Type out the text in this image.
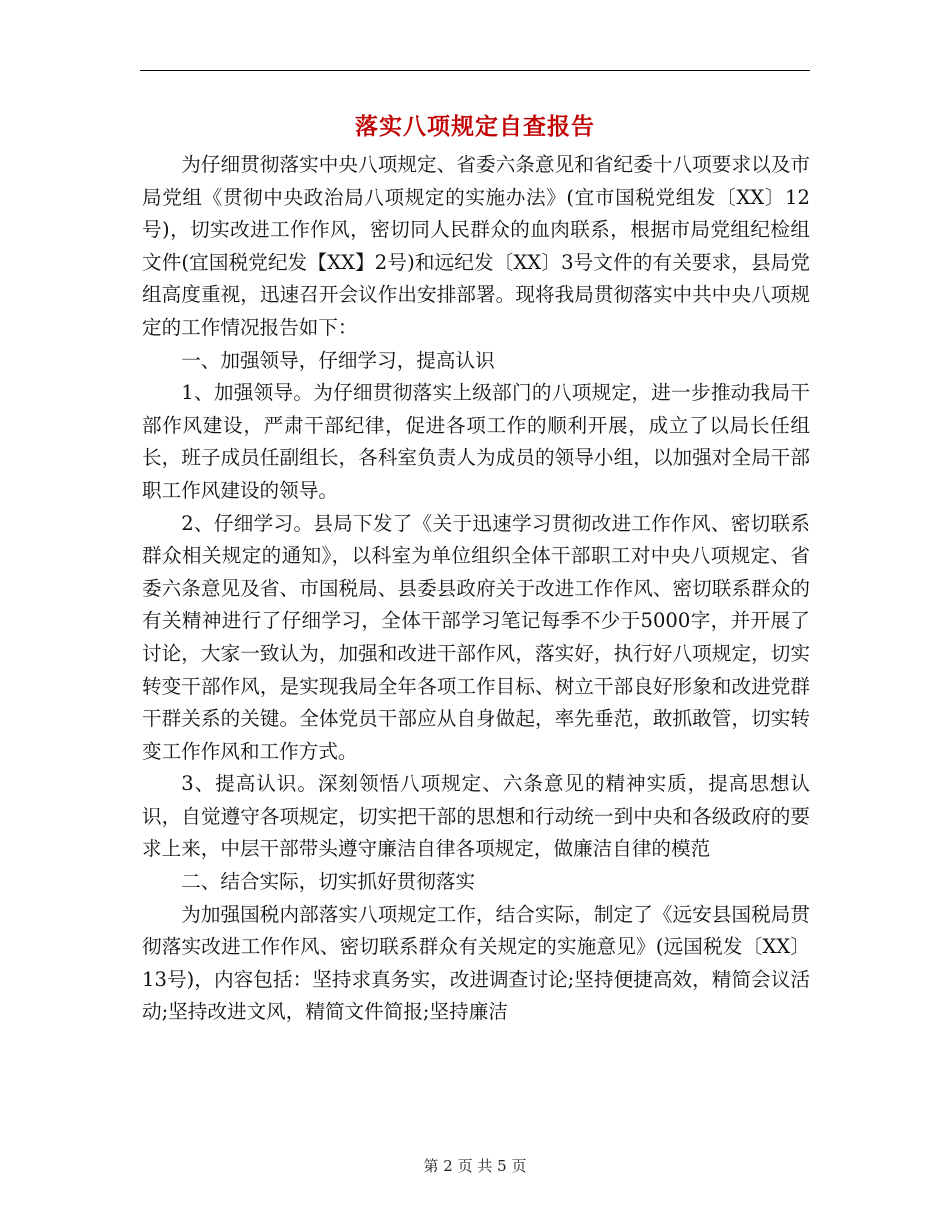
落实八项规定自查报告

为仔细贯彻落实中央八项规定、省委六条意见和省纪委十八项要求以及市局党组《贯彻中央政治局八项规定的实施办法》(宜市国税党组发〔XX〕12号)，切实改进工作作风，密切同人民群众的血肉联系，根据市局党组纪检组文件(宜国税党纪发【XX】2号)和远纪发〔XX〕3号文件的有关要求，县局党组高度重视，迅速召开会议作出安排部署。现将我局贯彻落实中共中央八项规定的工作情况报告如下：

一、加强领导，仔细学习，提高认识

1、加强领导。为仔细贯彻落实上级部门的八项规定，进一步推动我局干部作风建设，严肃干部纪律，促进各项工作的顺利开展，成立了以局长任组长，班子成员任副组长，各科室负责人为成员的领导小组，以加强对全局干部职工作风建设的领导。

2、仔细学习。县局下发了《关于迅速学习贯彻改进工作作风、密切联系群众相关规定的通知》，以科室为单位组织全体干部职工对中央八项规定、省委六条意见及省、市国税局、县委县政府关于改进工作作风、密切联系群众的有关精神进行了仔细学习，全体干部学习笔记每季不少于5000字，并开展了讨论，大家一致认为，加强和改进干部作风，落实好，执行好八项规定，切实转变干部作风，是实现我局全年各项工作目标、树立干部良好形象和改进党群干群关系的关键。全体党员干部应从自身做起，率先垂范，敢抓敢管，切实转变工作作风和工作方式。

3、提高认识。深刻领悟八项规定、六条意见的精神实质，提高思想认识，自觉遵守各项规定，切实把干部的思想和行动统一到中央和各级政府的要求上来，中层干部带头遵守廉洁自律各项规定，做廉洁自律的模范

二、结合实际，切实抓好贯彻落实

为加强国税内部落实八项规定工作，结合实际，制定了《远安县国税局贯彻落实改进工作作风、密切联系群众有关规定的实施意见》(远国税发〔XX〕13号)，内容包括：坚持求真务实，改进调查讨论;坚持便捷高效，精简会议活动;坚持改进文风，精简文件简报;坚持廉洁

第 2 页 共 5 页
